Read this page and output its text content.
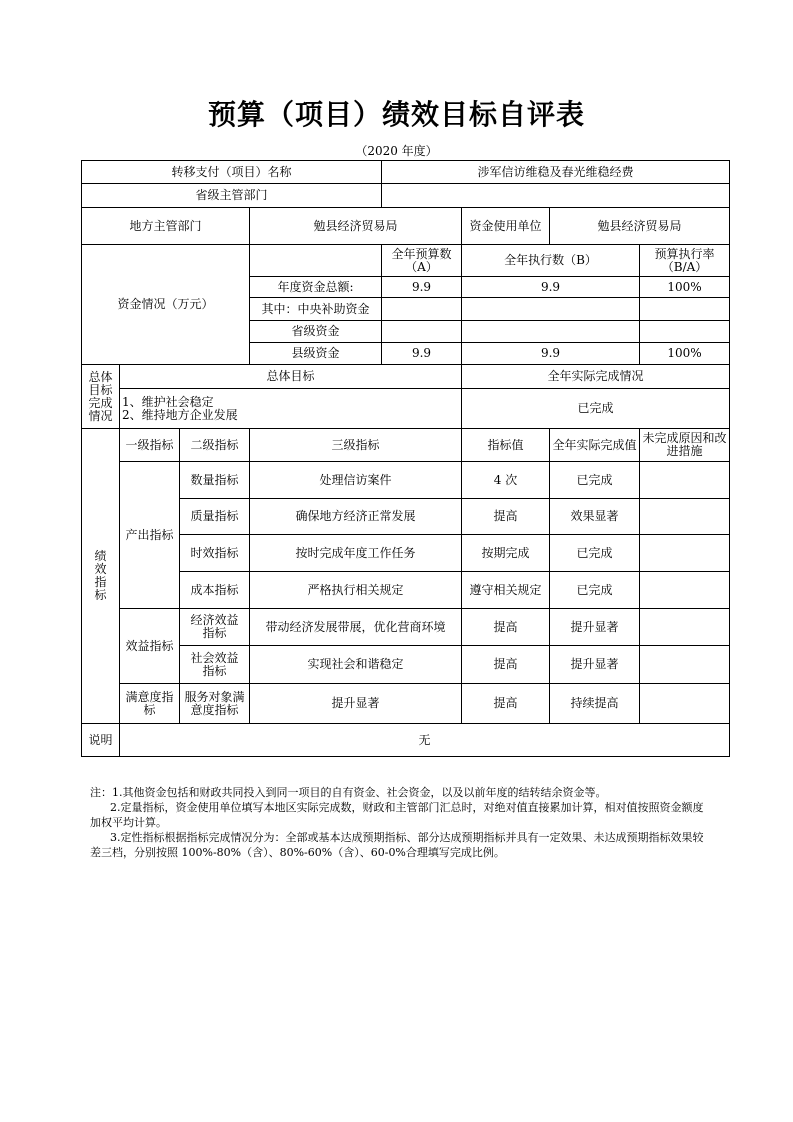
预算（项目）绩效目标自评表
（2020 年度）
转移支付（项目）名称				涉军信访维稳及春光维稳经费			
省级主管部门							
地方主管部门			勉县经济贸易局		资金使用单位	勉县经济贸易局	
资金情况（万元）				全年预算数（A）	全年执行数（B）		预算执行率（B/A）
			年度资金总额:	9.9	9.9		100%
			其中：中央补助资金				
			省级资金				
			县级资金	9.9	9.9		100%

总体目标完成情况	总体目标				全年实际完成情况		

	1、维护社会稳定
2、维持地方企业发展				已完成		

绩效指标	一级指标	二级指标	三级指标		指标值	全年实际完成值	未完成原因和改进措施
	产出指标	数量指标	处理信访案件		4 次	已完成	
		质量指标	确保地方经济正常发展		提高	效果显著	
		时效指标	按时完成年度工作任务		按期完成	已完成	
		成本指标	严格执行相关规定		遵守相关规定	已完成	
	效益指标	经济效益指标	带动经济发展带展，优化营商环境		提高	提升显著	

		社会效益指标	实现社会和谐稳定		提高	提升显著	

	满意度指标	服务对象满意度指标	提升显著		提高	持续提高	
说明	无						

注：1.其他资金包括和财政共同投入到同一项目的自有资金、社会资金，以及以前年度的结转结余资金等。

2.定量指标，资金使用单位填写本地区实际完成数，财政和主管部门汇总时，对绝对值直接累加计算，相对值按照资金额度

加权平均计算。

3.定性指标根据指标完成情况分为：全部或基本达成预期指标、部分达成预期指标并具有一定效果、未达成预期指标效果较

差三档，分别按照 100%-80%（含）、80%-60%（含）、60-0%合理填写完成比例。
